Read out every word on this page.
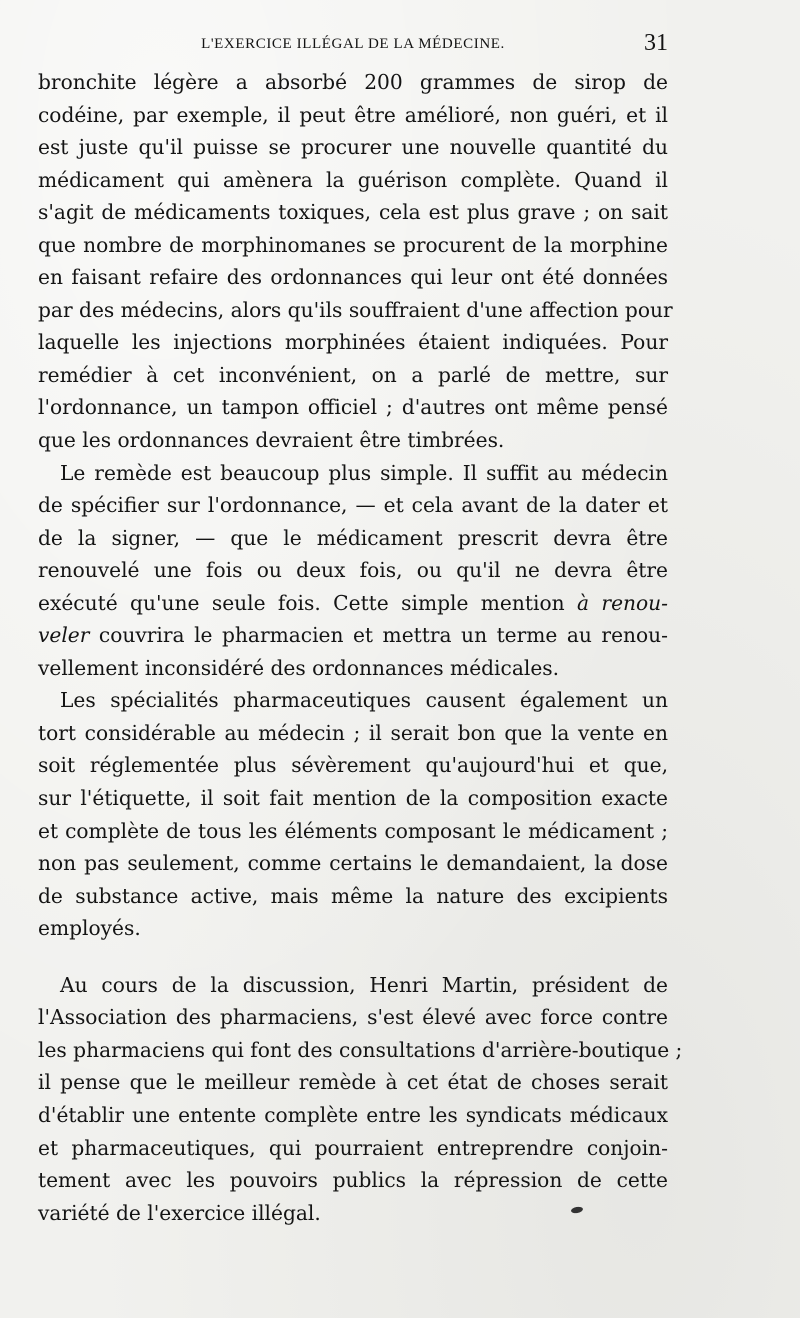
L'EXERCICE ILLÉGAL DE LA MÉDECINE.	31
bronchite légère a absorbé 200 grammes de sirop de
codéine, par exemple, il peut être amélioré, non guéri, et il
est juste qu'il puisse se procurer une nouvelle quantité du
médicament qui amènera la guérison complète. Quand il
s'agit de médicaments toxiques, cela est plus grave ; on sait
que nombre de morphinomanes se procurent de la morphine
en faisant refaire des ordonnances qui leur ont été données
par des médecins, alors qu'ils souffraient d'une affection pour
laquelle les injections morphinées étaient indiquées. Pour
remédier à cet inconvénient, on a parlé de mettre, sur
l'ordonnance, un tampon officiel ; d'autres ont même pensé
que les ordonnances devraient être timbrées.
Le remède est beaucoup plus simple. Il suffit au médecin
de spécifier sur l'ordonnance, — et cela avant de la dater et
de la signer, — que le médicament prescrit devra être
renouvelé une fois ou deux fois, ou qu'il ne devra être
exécuté qu'une seule fois. Cette simple mention à renou-
veler couvrira le pharmacien et mettra un terme au renou-
vellement inconsidéré des ordonnances médicales.
Les spécialités pharmaceutiques causent également un
tort considérable au médecin ; il serait bon que la vente en
soit réglementée plus sévèrement qu'aujourd'hui et que,
sur l'étiquette, il soit fait mention de la composition exacte
et complète de tous les éléments composant le médicament ;
non pas seulement, comme certains le demandaient, la dose
de substance active, mais même la nature des excipients
employés.
Au cours de la discussion, Henri Martin, président de
l'Association des pharmaciens, s'est élevé avec force contre
les pharmaciens qui font des consultations d'arrière-boutique ;
il pense que le meilleur remède à cet état de choses serait
d'établir une entente complète entre les syndicats médicaux
et pharmaceutiques, qui pourraient entreprendre conjoin-
tement avec les pouvoirs publics la répression de cette
variété de l'exercice illégal.
